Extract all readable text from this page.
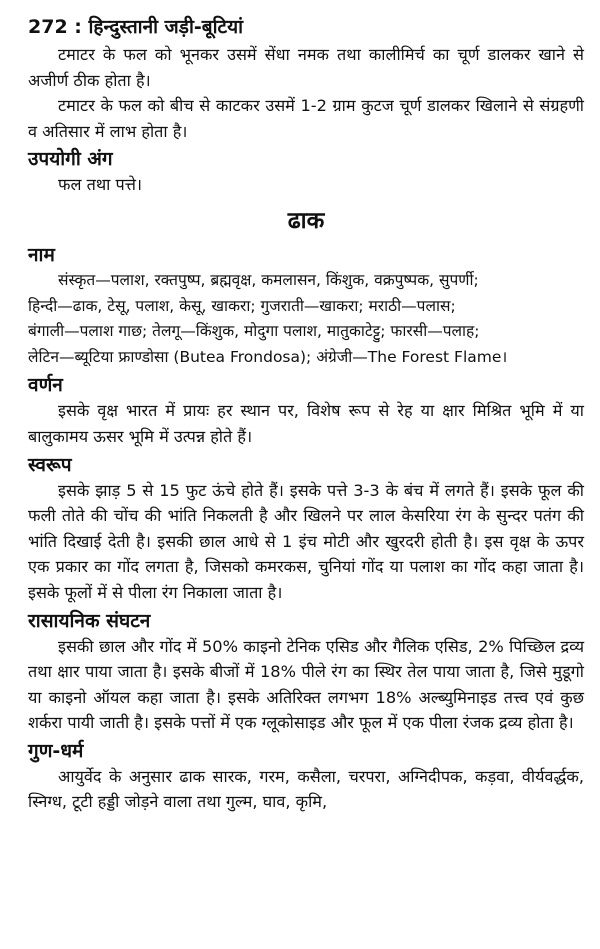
272 : हिन्दुस्तानी जड़ी-बूटियां

टमाटर के फल को भूनकर उसमें सेंधा नमक तथा कालीमिर्च का चूर्ण डालकर खाने से अजीर्ण ठीक होता है।

टमाटर के फल को बीच से काटकर उसमें 1-2 ग्राम कुटज चूर्ण डालकर खिलाने से संग्रहणी व अतिसार में लाभ होता है।

उपयोगी अंग
फल तथा पत्ते।
ढाक
नाम

संस्कृत—पलाश, रक्तपुष्प, ब्रह्मवृक्ष, कमलासन, किंशुक, वक्रपुष्पक, सुपर्णी;

हिन्दी—ढाक, टेसू, पलाश, केसू, खाकरा; गुजराती—खाकरा; मराठी—पलास;

बंगाली—पलाश गाछ; तेलगू—किंशुक, मोदुगा पलाश, मातुकाटेट्टु; फारसी—पलाह;

लेटिन—ब्यूटिया फ्राण्डोसा (Butea Frondosa); अंग्रेजी—The Forest Flame।

वर्णन

इसके वृक्ष भारत में प्रायः हर स्थान पर, विशेष रूप से रेह या क्षार मिश्रित भूमि में या बालुकामय ऊसर भूमि में उत्पन्न होते हैं।

स्वरूप

इसके झाड़ 5 से 15 फुट ऊंचे होते हैं। इसके पत्ते 3-3 के बंच में लगते हैं। इसके फूल की फली तोते की चोंच की भांति निकलती है और खिलने पर लाल केसरिया रंग के सुन्दर पतंग की भांति दिखाई देती है। इसकी छाल आधे से 1 इंच मोटी और खुरदरी होती है। इस वृक्ष के ऊपर एक प्रकार का गोंद लगता है, जिसको कमरकस, चुनियां गोंद या पलाश का गोंद कहा जाता है। इसके फूलों में से पीला रंग निकाला जाता है।

रासायनिक संघटन

इसकी छाल और गोंद में 50% काइनो टेनिक एसिड और गैलिक एसिड, 2% पिच्छिल द्रव्य तथा क्षार पाया जाता है। इसके बीजों में 18% पीले रंग का स्थिर तेल पाया जाता है, जिसे मुडूगो या काइनो ऑयल कहा जाता है। इसके अतिरिक्त लगभग 18% अल्ब्युमिनाइड तत्त्व एवं कुछ शर्करा पायी जाती है। इसके पत्तों में एक ग्लूकोसाइड और फूल में एक पीला रंजक द्रव्य होता है।

गुण-धर्म

आयुर्वेद के अनुसार ढाक सारक, गरम, कसैला, चरपरा, अग्निदीपक, कड़वा, वीर्यवर्द्धक, स्निग्ध, टूटी हड्डी जोड़ने वाला तथा गुल्म, घाव, कृमि,
